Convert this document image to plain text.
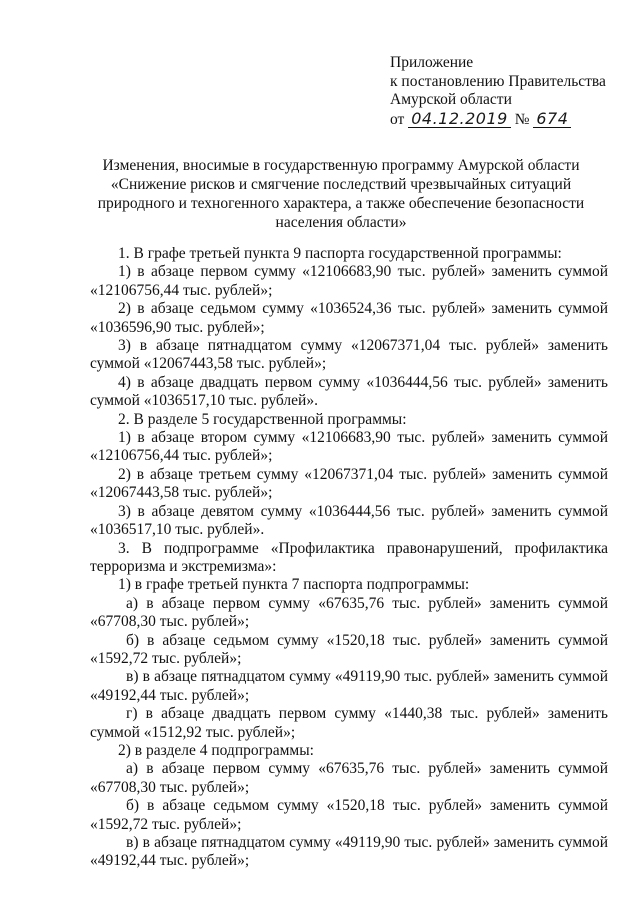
Приложение
к постановлению Правительства
Амурской области
от 04.12.2019 № 674
Изменения, вносимые в государственную программу Амурской области
«Снижение рисков и смягчение последствий чрезвычайных ситуаций
природного и техногенного характера, а также обеспечение безопасности
населения области»

1. В графе третьей пункта 9 паспорта государственной программы:

1) в абзаце первом сумму «12106683,90 тыс. рублей» заменить суммой «12106756,44 тыс. рублей»;

2) в абзаце седьмом сумму «1036524,36 тыс. рублей» заменить суммой «1036596,90 тыс. рублей»;

3) в абзаце пятнадцатом сумму «12067371,04 тыс. рублей» заменить суммой «12067443,58 тыс. рублей»;

4) в абзаце двадцать первом сумму «1036444,56 тыс. рублей» заменить суммой «1036517,10 тыс. рублей».

2. В разделе 5 государственной программы:

1) в абзаце втором сумму «12106683,90 тыс. рублей» заменить суммой «12106756,44 тыс. рублей»;

2) в абзаце третьем сумму «12067371,04 тыс. рублей» заменить суммой «12067443,58 тыс. рублей»;

3) в абзаце девятом сумму «1036444,56 тыс. рублей» заменить суммой «1036517,10 тыс. рублей».

3. В подпрограмме «Профилактика правонарушений, профилактика терроризма и экстремизма»:

1) в графе третьей пункта 7 паспорта подпрограммы:

а) в абзаце первом сумму «67635,76 тыс. рублей» заменить суммой «67708,30 тыс. рублей»;

б) в абзаце седьмом сумму «1520,18 тыс. рублей» заменить суммой «1592,72 тыс. рублей»;

в) в абзаце пятнадцатом сумму «49119,90 тыс. рублей» заменить суммой «49192,44 тыс. рублей»;

г) в абзаце двадцать первом сумму «1440,38 тыс. рублей» заменить суммой «1512,92 тыс. рублей»;

2) в разделе 4 подпрограммы:

а) в абзаце первом сумму «67635,76 тыс. рублей» заменить суммой «67708,30 тыс. рублей»;

б) в абзаце седьмом сумму «1520,18 тыс. рублей» заменить суммой «1592,72 тыс. рублей»;

в) в абзаце пятнадцатом сумму «49119,90 тыс. рублей» заменить суммой «49192,44 тыс. рублей»;
